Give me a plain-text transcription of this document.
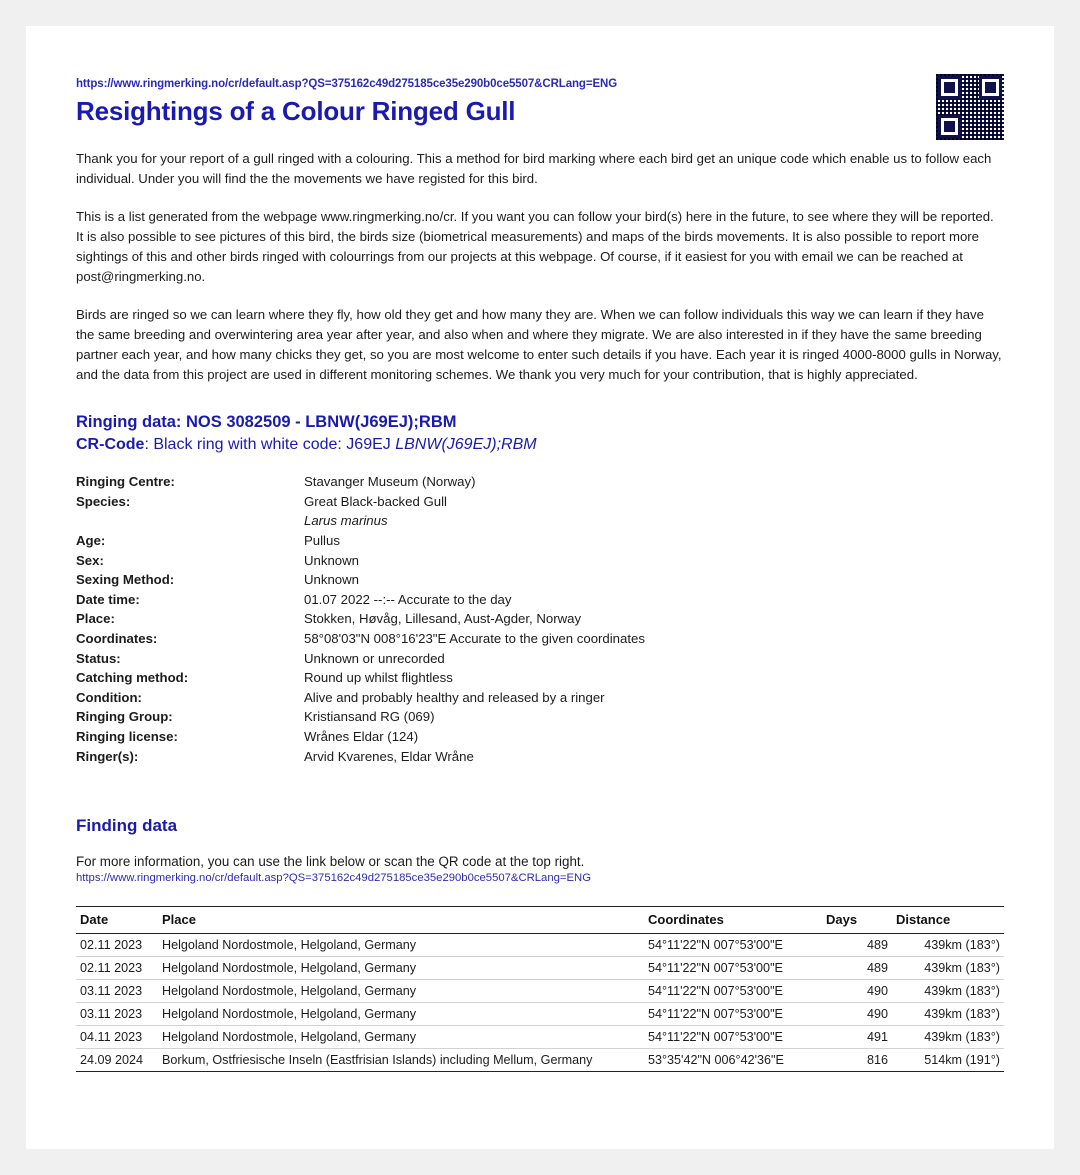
https://www.ringmerking.no/cr/default.asp?QS=375162c49d275185ce35e290b0ce5507&CRLang=ENG
Resightings of a Colour Ringed Gull

Thank you for your report of a gull ringed with a colouring. This a method for bird marking where each bird get an unique code which enable us to follow each individual. Under you will find the the movements we have registed for this bird.

This is a list generated from the webpage www.ringmerking.no/cr. If you want you can follow your bird(s) here in the future, to see where they will be reported. It is also possible to see pictures of this bird, the birds size (biometrical measurements) and maps of the birds movements. It is also possible to report more sightings of this and other birds ringed with colourrings from our projects at this webpage. Of course, if it easiest for you with email we can be reached at post@ringmerking.no.

Birds are ringed so we can learn where they fly, how old they get and how many they are. When we can follow individuals this way we can learn if they have the same breeding and overwintering area year after year, and also when and where they migrate. We are also interested in if they have the same breeding partner each year, and how many chicks they get, so you are most welcome to enter such details if you have. Each year it is ringed 4000-8000 gulls in Norway, and the data from this project are used in different monitoring schemes. We thank you very much for your contribution, that is highly appreciated.

Ringing data: NOS 3082509 - LBNW(J69EJ);RBM
CR-Code: Black ring with white code: J69EJ LBNW(J69EJ);RBM
Ringing Centre:	Stavanger Museum (Norway)
Species:	Great Black-backed Gull
	Larus marinus
Age:	Pullus
Sex:	Unknown
Sexing Method:	Unknown
Date time:	01.07 2022 --:-- Accurate to the day
Place:	Stokken, Høvåg, Lillesand, Aust-Agder, Norway
Coordinates:	58°08'03"N 008°16'23"E Accurate to the given coordinates
Status:	Unknown or unrecorded
Catching method:	Round up whilst flightless
Condition:	Alive and probably healthy and released by a ringer
Ringing Group:	Kristiansand RG (069)
Ringing license:	Wrånes Eldar (124)
Ringer(s):	Arvid Kvarenes, Eldar Wråne
Finding data

For more information, you can use the link below or scan the QR code at the top right.

https://www.ringmerking.no/cr/default.asp?QS=375162c49d275185ce35e290b0ce5507&CRLang=ENG
Date	Place	Coordinates	Days	Distance
02.11 2023	Helgoland Nordostmole, Helgoland, Germany	54°11'22"N 007°53'00"E	489	439km (183°)
02.11 2023	Helgoland Nordostmole, Helgoland, Germany	54°11'22"N 007°53'00"E	489	439km (183°)
03.11 2023	Helgoland Nordostmole, Helgoland, Germany	54°11'22"N 007°53'00"E	490	439km (183°)
03.11 2023	Helgoland Nordostmole, Helgoland, Germany	54°11'22"N 007°53'00"E	490	439km (183°)
04.11 2023	Helgoland Nordostmole, Helgoland, Germany	54°11'22"N 007°53'00"E	491	439km (183°)
24.09 2024	Borkum, Ostfriesische Inseln (Eastfrisian Islands) including Mellum, Germany	53°35'42"N 006°42'36"E	816	514km (191°)
